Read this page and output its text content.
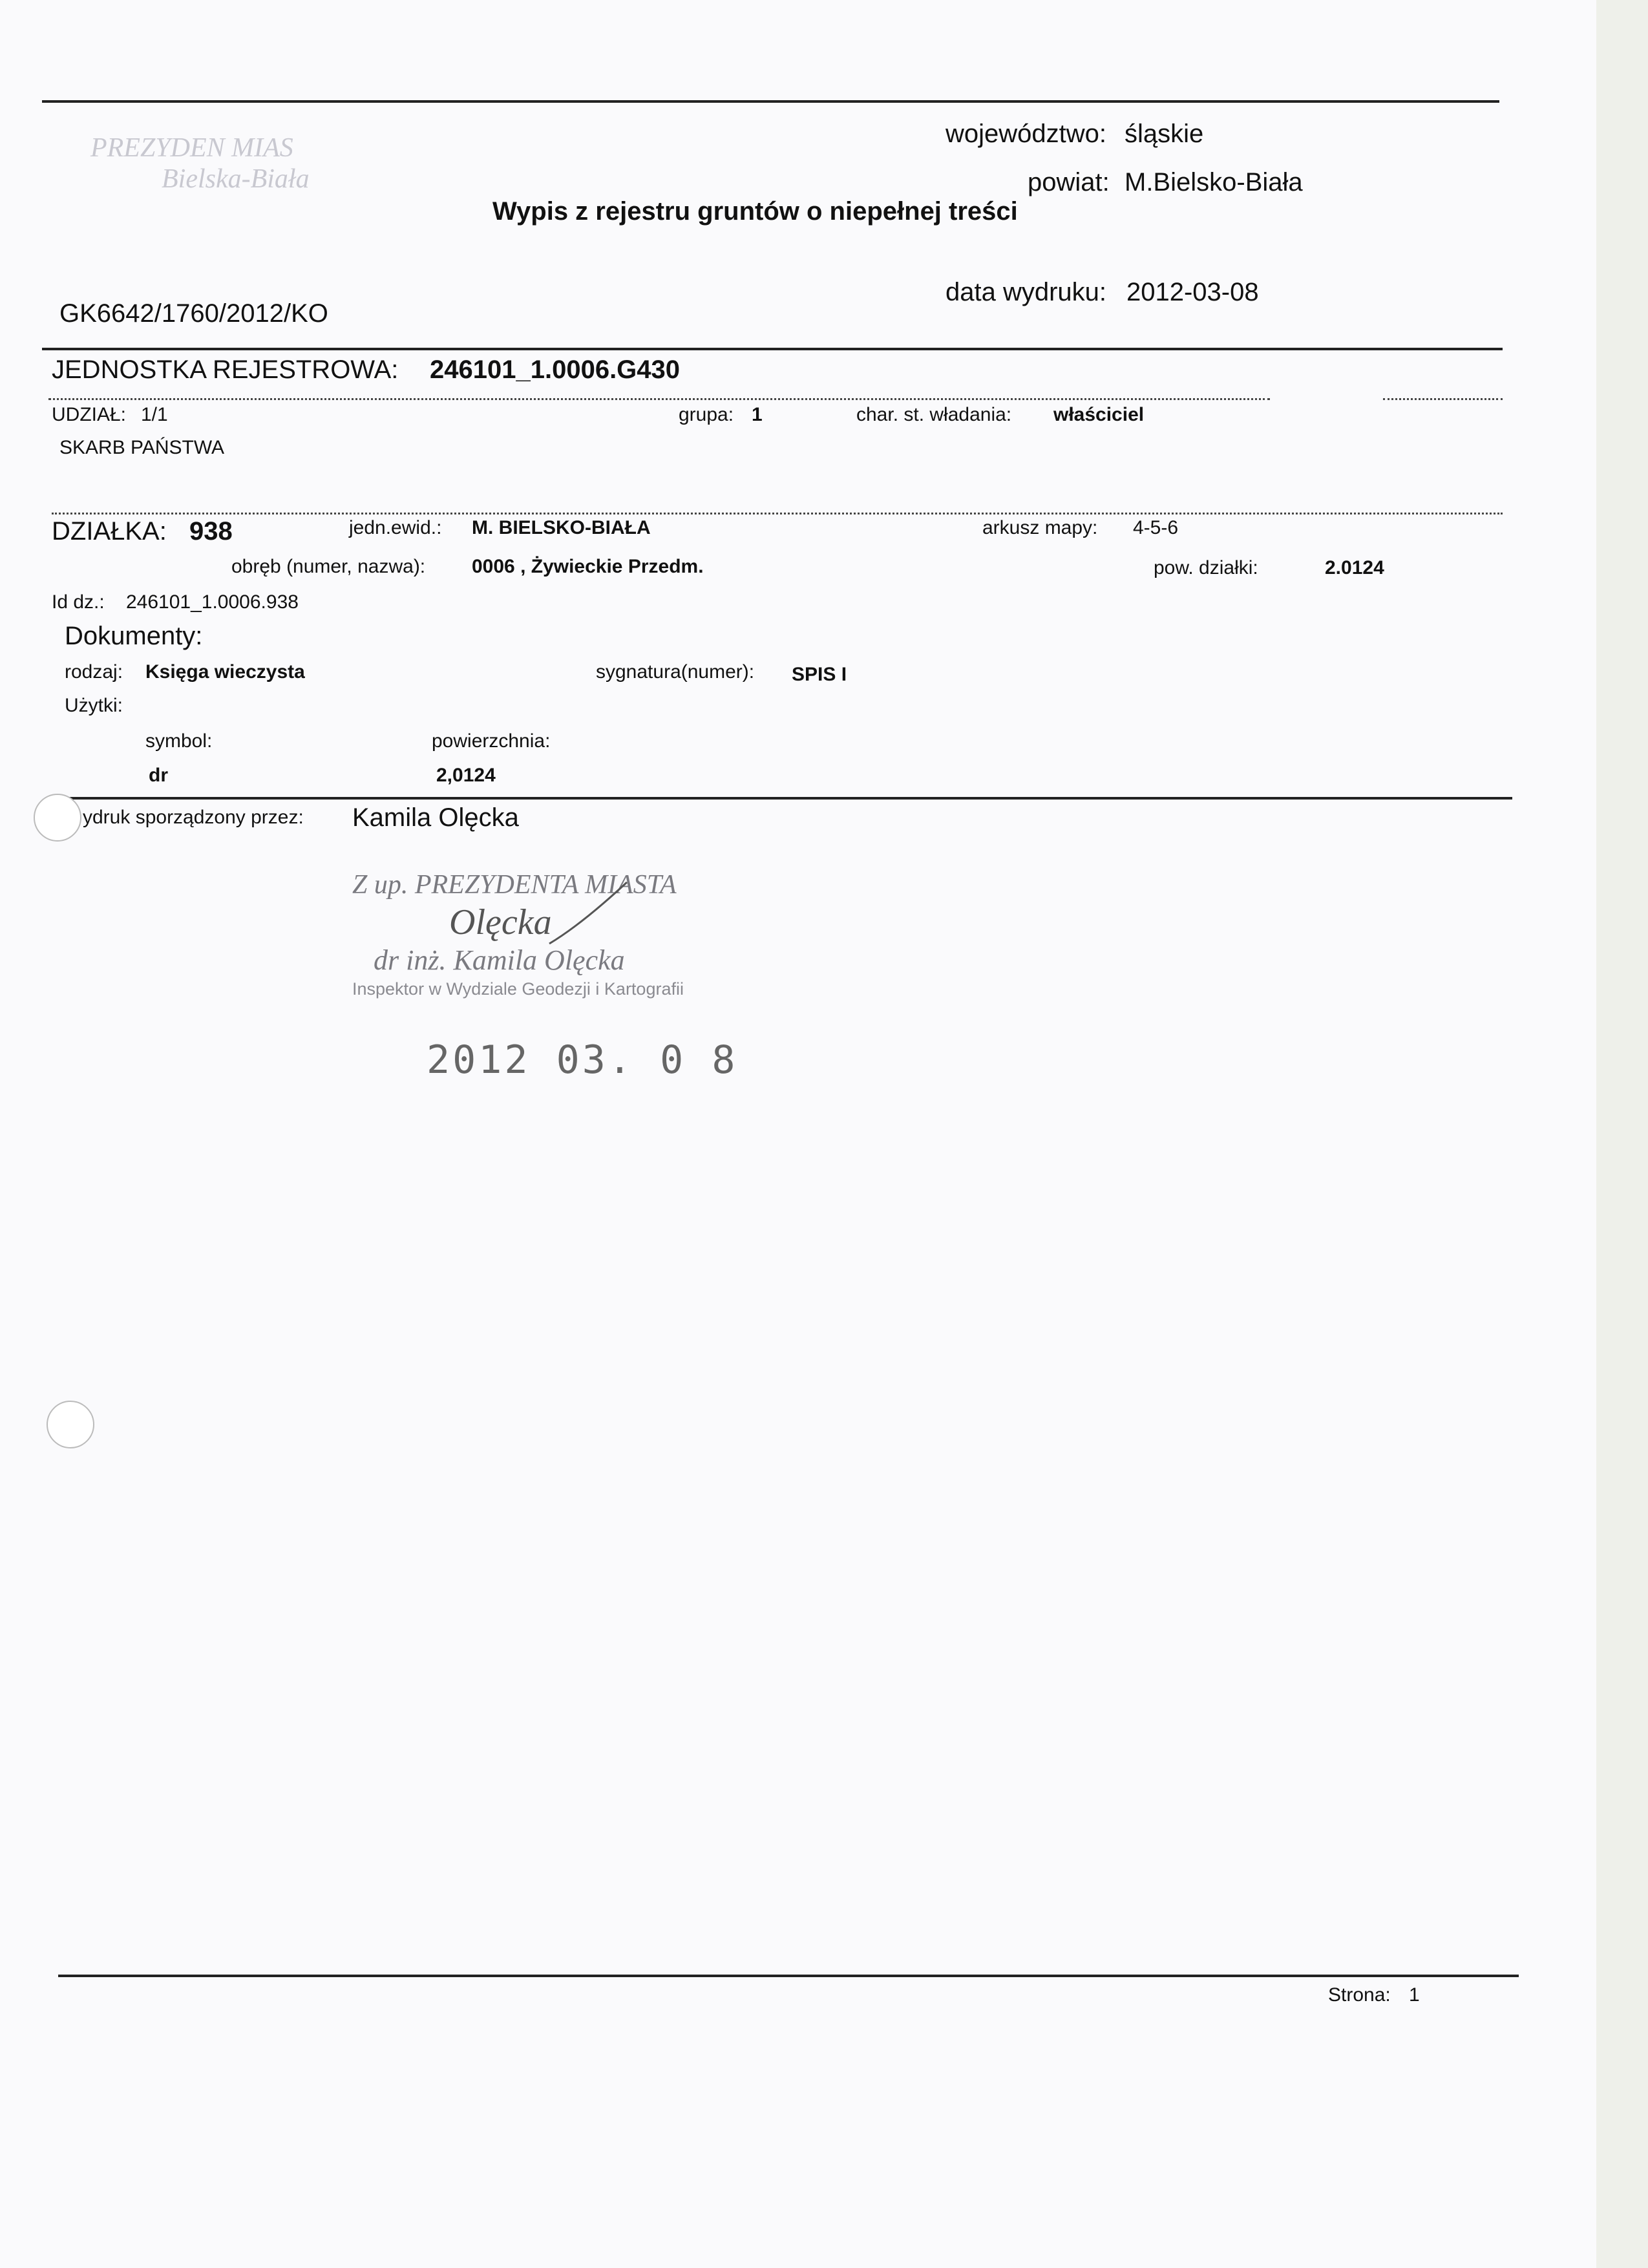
PREZYDEN MIAS
Bielska-Biała
województwo: śląskie
powiat: M.Bielsko-Biała
Wypis z rejestru gruntów o niepełnej treści
data wydruku: 2012-03-08
GK6642/1760/2012/KO
JEDNOSTKA REJESTROWA: 246101_1.0006.G430
UDZIAŁ: 1/1	grupa: 1	char. st. władania: właściciel
SKARB PAŃSTWA
DZIAŁKA: 938	jedn.ewid.: M. BIELSKO-BIAŁA	arkusz mapy: 4-5-6
obręb (numer, nazwa): 0006 , Żywieckie Przedm.	pow. działki:	2.0124
Id dz.: 246101_1.0006.938
Dokumenty:
rodzaj: Księga wieczysta	sygnatura(numer): SPIS I
Użytki:
symbol:	powierzchnia:
dr	2,0124
ydruk sporządzony przez: Kamila Olęcka
Z up. PREZYDENTA MIASTA
Olęcka
dr inż. Kamila Olęcka
Inspektor w Wydziale Geodezji i Kartografii
2012 03. 0 8
Strona: 1
